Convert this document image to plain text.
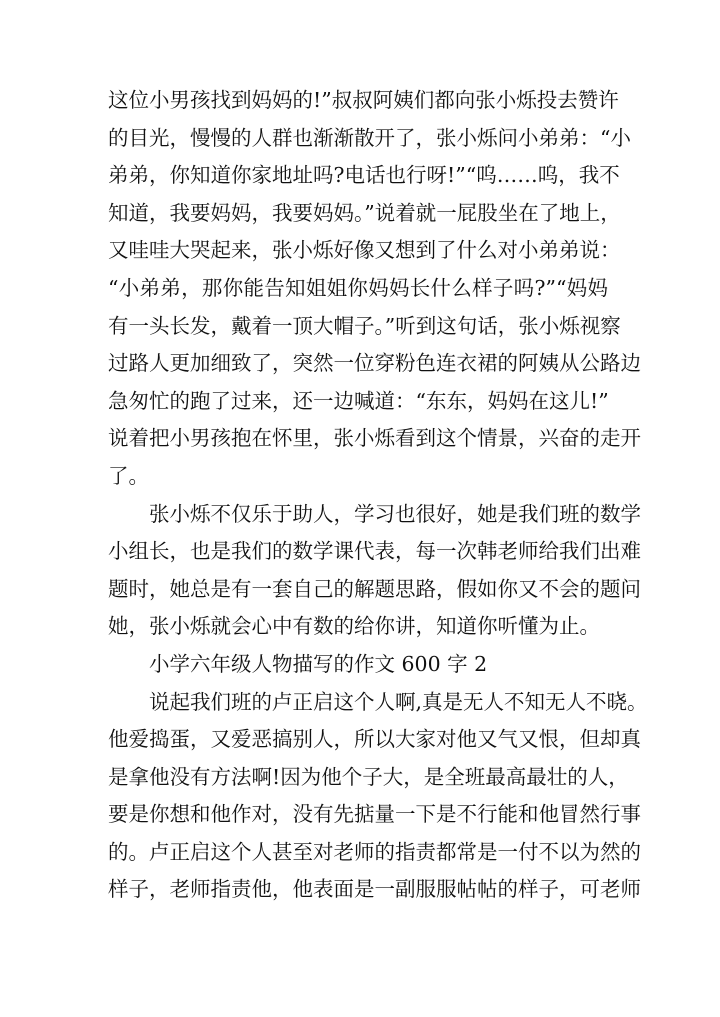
这位小男孩找到妈妈的!”叔叔阿姨们都向张小烁投去赞许
的目光，慢慢的人群也渐渐散开了，张小烁问小弟弟：“小
弟弟，你知道你家地址吗?电话也行呀!”“呜……呜，我不
知道，我要妈妈，我要妈妈。”说着就一屁股坐在了地上，
又哇哇大哭起来，张小烁好像又想到了什么对小弟弟说：
“小弟弟，那你能告知姐姐你妈妈长什么样子吗?”“妈妈
有一头长发，戴着一顶大帽子。”听到这句话，张小烁视察
过路人更加细致了，突然一位穿粉色连衣裙的阿姨从公路边
急匆忙的跑了过来，还一边喊道：“东东，妈妈在这儿!”
说着把小男孩抱在怀里，张小烁看到这个情景，兴奋的走开
了。
张小烁不仅乐于助人，学习也很好，她是我们班的数学
小组长，也是我们的数学课代表，每一次韩老师给我们出难
题时，她总是有一套自己的解题思路，假如你又不会的题问
她，张小烁就会心中有数的给你讲，知道你听懂为止。
小学六年级人物描写的作文 600 字 2
说起我们班的卢正启这个人啊,真是无人不知无人不晓。
他爱捣蛋，又爱恶搞别人，所以大家对他又气又恨，但却真
是拿他没有方法啊!因为他个子大，是全班最高最壮的人，
要是你想和他作对，没有先掂量一下是不行能和他冒然行事
的。卢正启这个人甚至对老师的指责都常是一付不以为然的
样子，老师指责他，他表面是一副服服帖帖的样子，可老师
